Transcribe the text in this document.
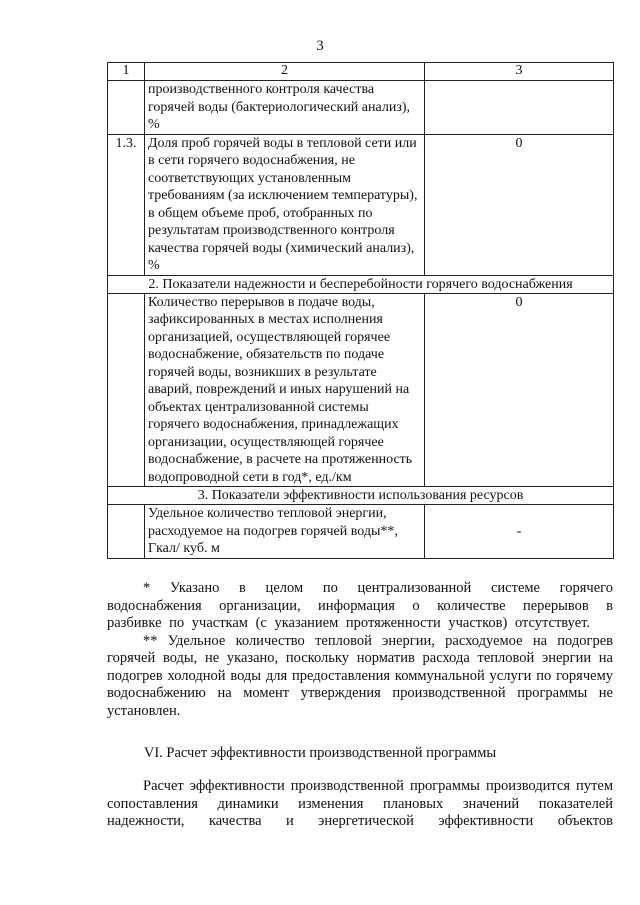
3
1	2	3
	производственного контроля качества горячей воды (бактериологический анализ), %	
1.3.	Доля проб горячей воды в тепловой сети или в сети горячего водоснабжения, не соответствующих установленным требованиям (за исключением температуры), в общем объеме проб, отобранных по результатам производственного контроля качества горячей воды (химический анализ), %	0
2. Показатели надежности и бесперебойности горячего водоснабжения		
	Количество перерывов в подаче воды, зафиксированных в местах исполнения организацией, осуществляющей горячее водоснабжение, обязательств по подаче горячей воды, возникших в результате аварий, повреждений и иных нарушений на объектах централизованной системы горячего водоснабжения, принадлежащих организации, осуществляющей горячее водоснабжение, в расчете на протяженность водопроводной сети в год*, ед./км	0
3. Показатели эффективности использования ресурсов		
	Удельное количество тепловой энергии, расходуемое на подогрев горячей воды**, Гкал/ куб. м	-

* Указано в целом по централизованной системе горячего водоснабжения организации, информация о количестве перерывов в разбивке по участкам (с указанием протяженности участков) отсутствует.

** Удельное количество тепловой энергии, расходуемое на подогрев горячей воды, не указано, поскольку норматив расхода тепловой энергии на подогрев холодной воды для предоставления коммунальной услуги по горячему водоснабжению на момент утверждения производственной программы не установлен.

VI. Расчет эффективности производственной программы

Расчет эффективности производственной программы производится путем сопоставления динамики изменения плановых значений показателей надежности, качества и энергетической эффективности объектов
